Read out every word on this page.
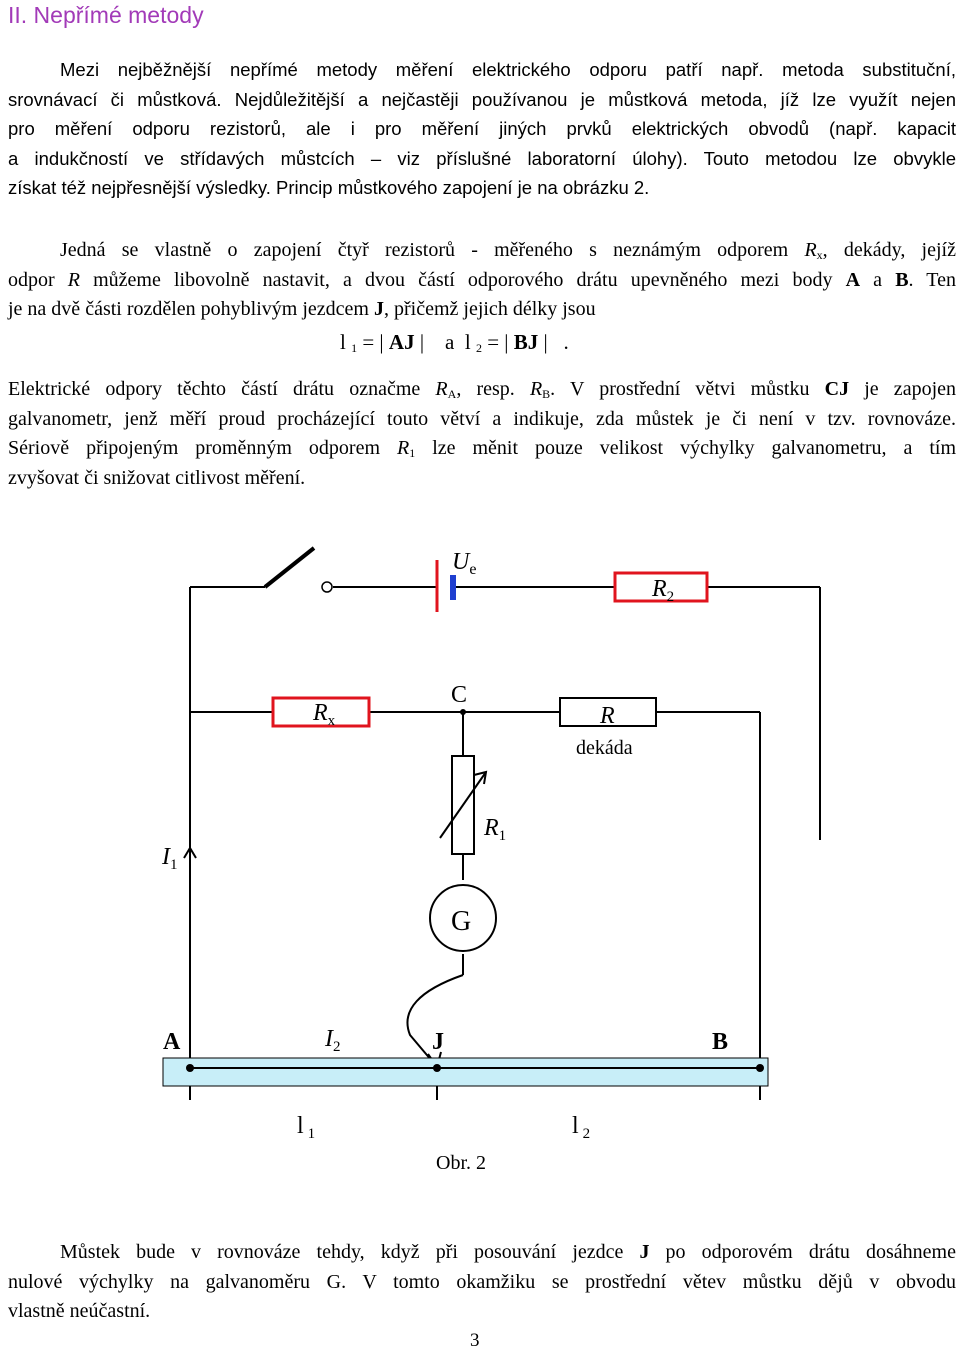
II. Nepřímé metody
Mezi nejběžnější nepřímé metody měření elektrického odporu patří např. metoda substituční,
srovnávací či můstková. Nejdůležitější a nejčastěji používanou je můstková metoda, jíž lze využít nejen
pro měření odporu rezistorů, ale i pro měření jiných prvků elektrických obvodů (např. kapacit
a indukčností ve střídavých můstcích – viz příslušné laboratorní úlohy). Touto metodou lze obvykle
získat též nejpřesnější výsledky. Princip můstkového zapojení je na obrázku 2.
Jedná se vlastně o zapojení čtyř rezistorů - měřeného s neznámým odporem $R_x$, dekády, jejíž
odpor R můžeme libovolně nastavit, a dvou částí odporového drátu upevněného mezi body A a B. Ten
je na dvě části rozdělen pohyblivým jezdcem J, přičemž jejich délky jsou
l $_1$ = | AJ |    a  l $_2$ = | BJ |   .
Elektrické odpory těchto částí drátu označme $R_A$, resp. $R_B$. V prostřední větvi můstku CJ je zapojen
galvanometr, jenž měří proud procházející touto větví a indikuje, zda můstek je či není v tzv. rovnováze.
Sériově připojeným proměnným odporem $R_1$ lze měnit pouze velikost výchylky galvanometru, a tím
zvyšovat či snižovat citlivost měření.
$U_e$
$R_2$
$R_x$
C
R
dekáda
$R_1$
$I_1$
G
A	$I_2$	J	B
l $_1$	l $_2$
Obr. 2
Můstek bude v rovnováze tehdy, když při posouvání jezdce J po odporovém drátu dosáhneme
nulové výchylky na galvanoměru G. V tomto okamžiku se prostřední větev můstku dějů v obvodu
vlastně neúčastní.
3
